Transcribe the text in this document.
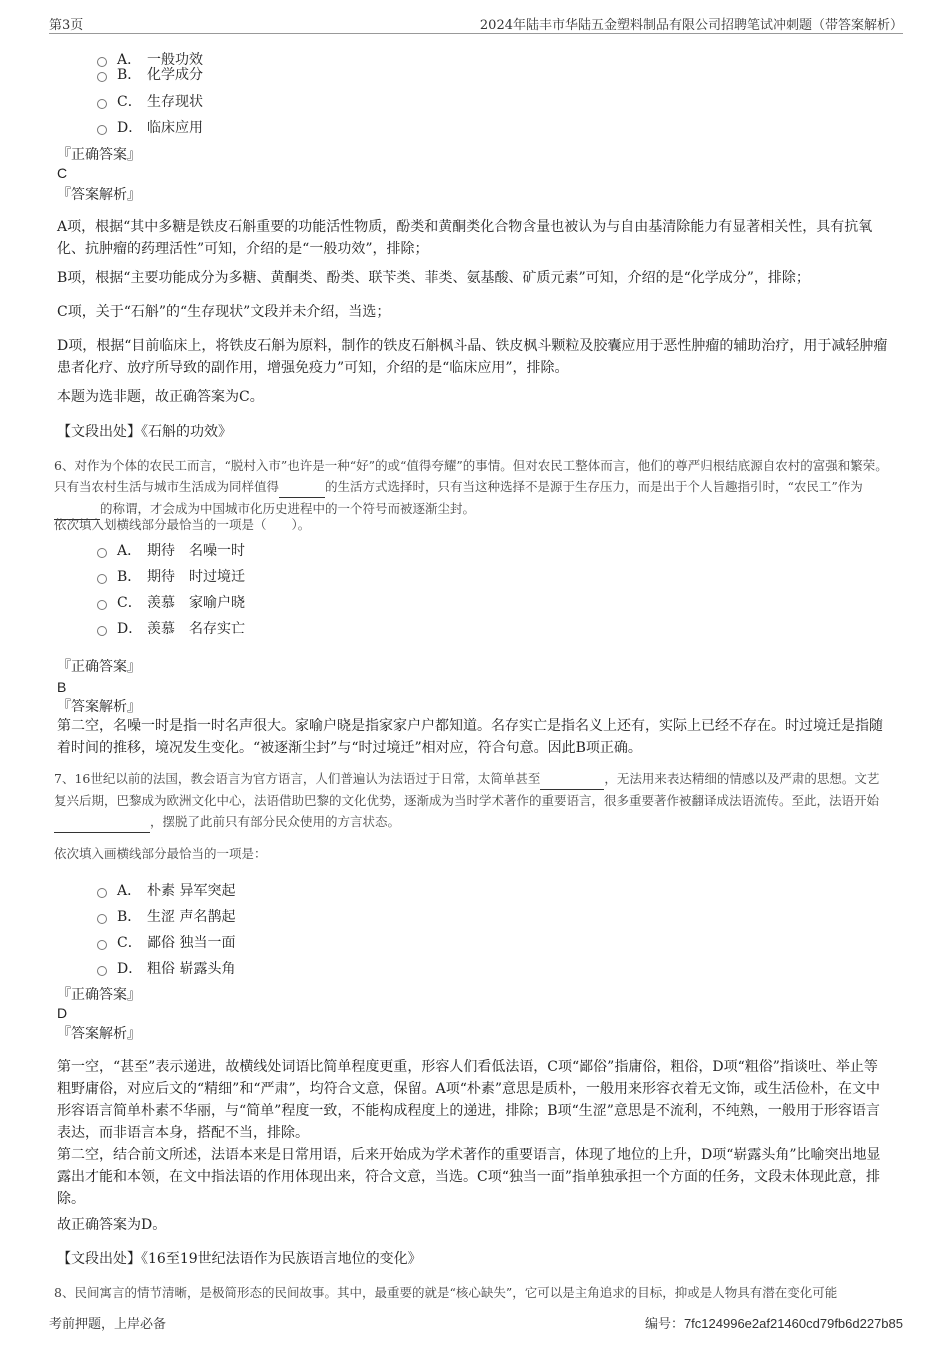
第3页	2024年陆丰市华陆五金塑料制品有限公司招聘笔试冲刺题（带答案解析）
A． 一般功效
B． 化学成分
C． 生存现状
D． 临床应用
『正确答案』
C
『答案解析』
A项，根据“其中多糖是铁皮石斛重要的功能活性物质，酚类和黄酮类化合物含量也被认为与自由基清除能力有显著相关性，具有抗氧化、抗肿瘤的药理活性”可知，介绍的是“一般功效”，排除；
B项，根据“主要功能成分为多糖、黄酮类、酚类、联苄类、菲类、氨基酸、矿质元素”可知，介绍的是“化学成分”，排除；
C项，关于“石斛”的“生存现状”文段并未介绍，当选；
D项，根据“目前临床上，将铁皮石斛为原料，制作的铁皮石斛枫斗晶、铁皮枫斗颗粒及胶囊应用于恶性肿瘤的辅助治疗，用于减轻肿瘤患者化疗、放疗所导致的副作用，增强免疫力”可知，介绍的是“临床应用”，排除。
本题为选非题，故正确答案为C。
【文段出处】《石斛的功效》
6、对作为个体的农民工而言，“脱村入市”也许是一种“好”的或“值得夸耀”的事情。但对农民工整体而言，他们的尊严归根结底源自农村的富强和繁荣。只有当农村生活与城市生活成为同样值得	的生活方式选择时，只有当这种选择不是源于生存压力，而是出于个人旨趣指引时，“农民工”作为 的称谓，才会成为中国城市化历史进程中的一个符号而被逐渐尘封。
依次填入划横线部分最恰当的一项是（　　）。
A． 期待　名噪一时
B． 期待　时过境迁
C． 羡慕　家喻户晓
D． 羡慕　名存实亡
『正确答案』
B
『答案解析』
第二空，名噪一时是指一时名声很大。家喻户晓是指家家户户都知道。名存实亡是指名义上还有，实际上已经不存在。时过境迁是指随着时间的推移，境况发生变化。“被逐渐尘封”与“时过境迁”相对应，符合句意。因此B项正确。
7、16世纪以前的法国，教会语言为官方语言，人们普遍认为法语过于日常，太简单甚至	，无法用来表达精细的情感以及严肃的思想。文艺复兴后期，巴黎成为欧洲文化中心，法语借助巴黎的文化优势，逐渐成为当时学术著作的重要语言，很多重要著作被翻译成法语流传。至此，法语开始 ，摆脱了此前只有部分民众使用的方言状态。
依次填入画横线部分最恰当的一项是：
A． 朴素 异军突起
B． 生涩 声名鹊起
C． 鄙俗 独当一面
D． 粗俗 崭露头角
『正确答案』
D
『答案解析』
第一空，“甚至”表示递进，故横线处词语比简单程度更重，形容人们看低法语，C项“鄙俗”指庸俗，粗俗，D项“粗俗”指谈吐、举止等粗野庸俗，对应后文的“精细”和“严肃”，均符合文意，保留。A项“朴素”意思是质朴，一般用来形容衣着无文饰，或生活俭朴，在文中形容语言简单朴素不华丽，与“简单”程度一致，不能构成程度上的递进，排除；B项“生涩”意思是不流利，不纯熟，一般用于形容语言表达，而非语言本身，搭配不当，排除。
第二空，结合前文所述，法语本来是日常用语，后来开始成为学术著作的重要语言，体现了地位的上升，D项“崭露头角”比喻突出地显露出才能和本领，在文中指法语的作用体现出来，符合文意，当选。C项“独当一面”指单独承担一个方面的任务，文段未体现此意，排除。
故正确答案为D。
【文段出处】《16至19世纪法语作为民族语言地位的变化》
8、民间寓言的情节清晰，是极简形态的民间故事。其中，最重要的就是“核心缺失”，它可以是主角追求的目标，抑或是人物具有潜在变化可能
考前押题，上岸必备	编号：7fc124996e2af21460cd79fb6d227b85
